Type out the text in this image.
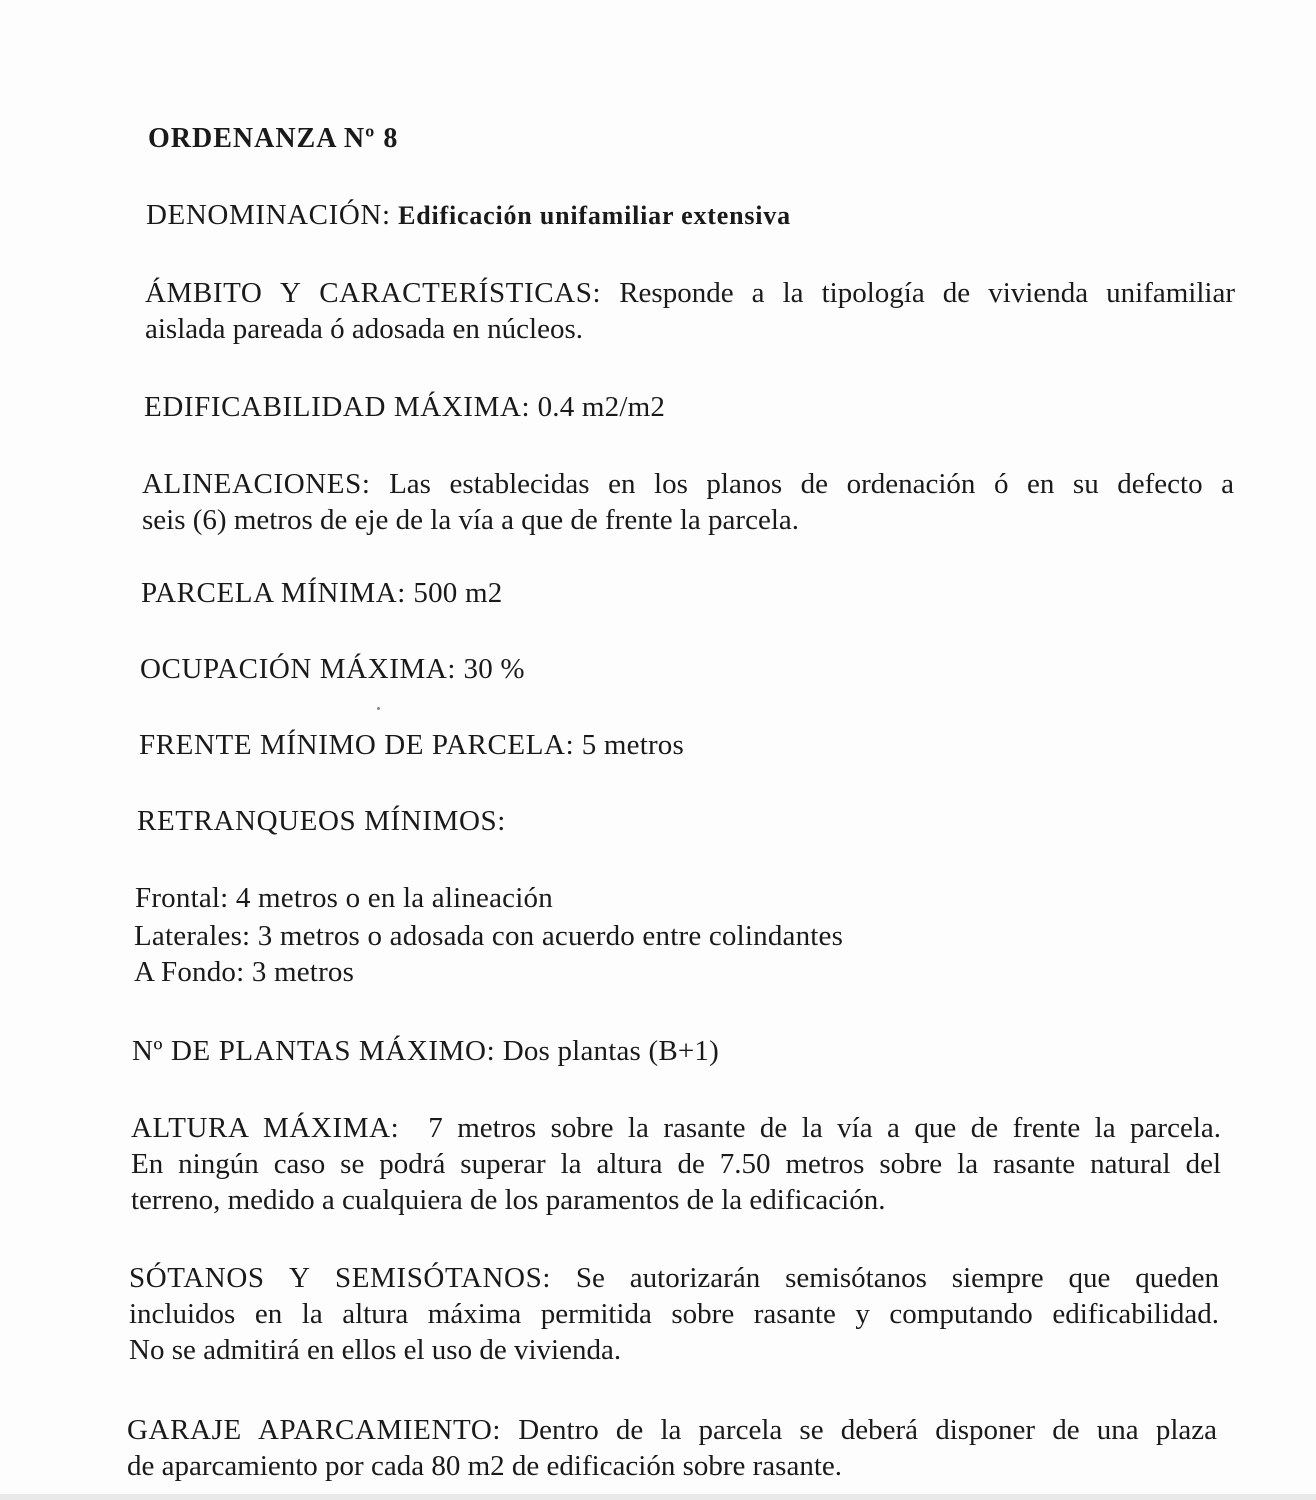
ORDENANZA Nº 8
DENOMINACIÓN: Edificación unifamiliar extensiva
ÁMBITO Y CARACTERÍSTICAS: Responde a la tipología de vivienda unifamiliar
aislada pareada ó adosada en núcleos.
EDIFICABILIDAD MÁXIMA: 0.4 m2/m2
ALINEACIONES: Las establecidas en los planos de ordenación ó en su defecto a
seis (6) metros de eje de la vía a que de frente la parcela.
PARCELA MÍNIMA: 500 m2
OCUPACIÓN MÁXIMA: 30 %
FRENTE MÍNIMO DE PARCELA: 5 metros
RETRANQUEOS MÍNIMOS:
Frontal: 4 metros o en la alineación
Laterales: 3 metros o adosada con acuerdo entre colindantes
A Fondo: 3 metros
Nº DE PLANTAS MÁXIMO: Dos plantas (B+1)
ALTURA MÁXIMA: 7 metros sobre la rasante de la vía a que de frente la parcela.
En ningún caso se podrá superar la altura de 7.50 metros sobre la rasante natural del
terreno, medido a cualquiera de los paramentos de la edificación.
SÓTANOS Y SEMISÓTANOS: Se autorizarán semisótanos siempre que queden
incluidos en la altura máxima permitida sobre rasante y computando edificabilidad.
No se admitirá en ellos el uso de vivienda.
GARAJE APARCAMIENTO: Dentro de la parcela se deberá disponer de una plaza
de aparcamiento por cada 80 m2 de edificación sobre rasante.
